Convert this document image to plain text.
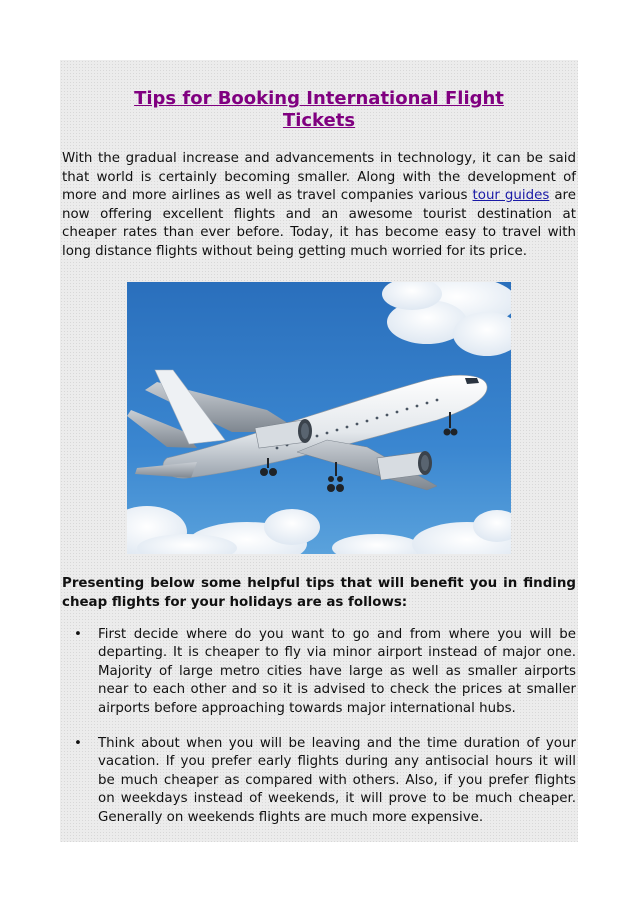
Tips for Booking International Flight
Tickets

With the gradual increase and advancements in technology, it can be said that world is certainly becoming smaller. Along with the development of more and more airlines as well as travel companies various tour guides are now offering excellent flights and an awesome tourist destination at cheaper rates than ever before. Today, it has become easy to travel with long distance flights without being getting much worried for its price.

Presenting below some helpful tips that will benefit you in finding cheap flights for your holidays are as follows:

• First decide where do you want to go and from where you will be departing. It is cheaper to fly via minor airport instead of major one. Majority of large metro cities have large as well as smaller airports near to each other and so it is advised to check the prices at smaller airports before approaching towards major international hubs.
• Think about when you will be leaving and the time duration of your vacation. If you prefer early flights during any antisocial hours it will be much cheaper as compared with others. Also, if you prefer flights on weekdays instead of weekends, it will prove to be much cheaper. Generally on weekends flights are much more expensive.
